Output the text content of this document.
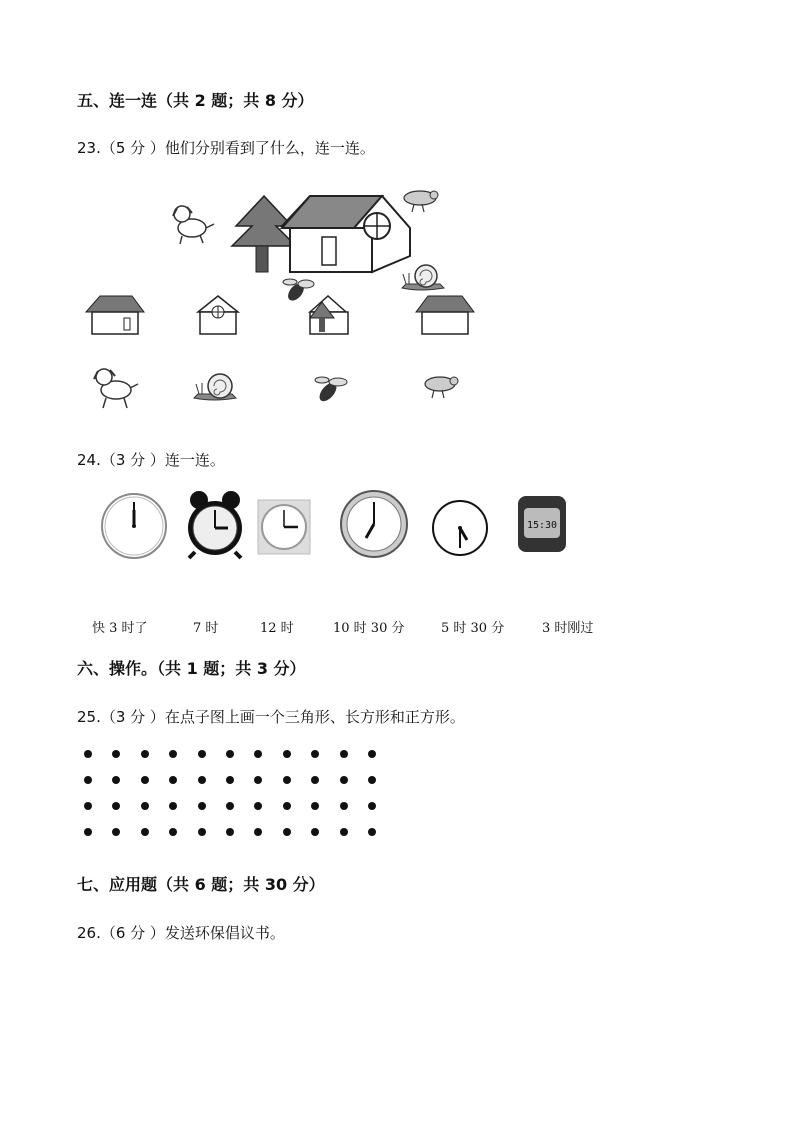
五、连一连（共 2 题；共 8 分）
23.（5 分 ）他们分别看到了什么，连一连。
24.（3 分 ）连一连。
15:30
快 3 时了	7 时	12 时	10 时 30 分	5 时 30 分	3 时刚过
六、操作。（共 1 题；共 3 分）
25.（3 分 ）在点子图上画一个三角形、长方形和正方形。
七、应用题（共 6 题；共 30 分）
26.（6 分 ）发送环保倡议书。
